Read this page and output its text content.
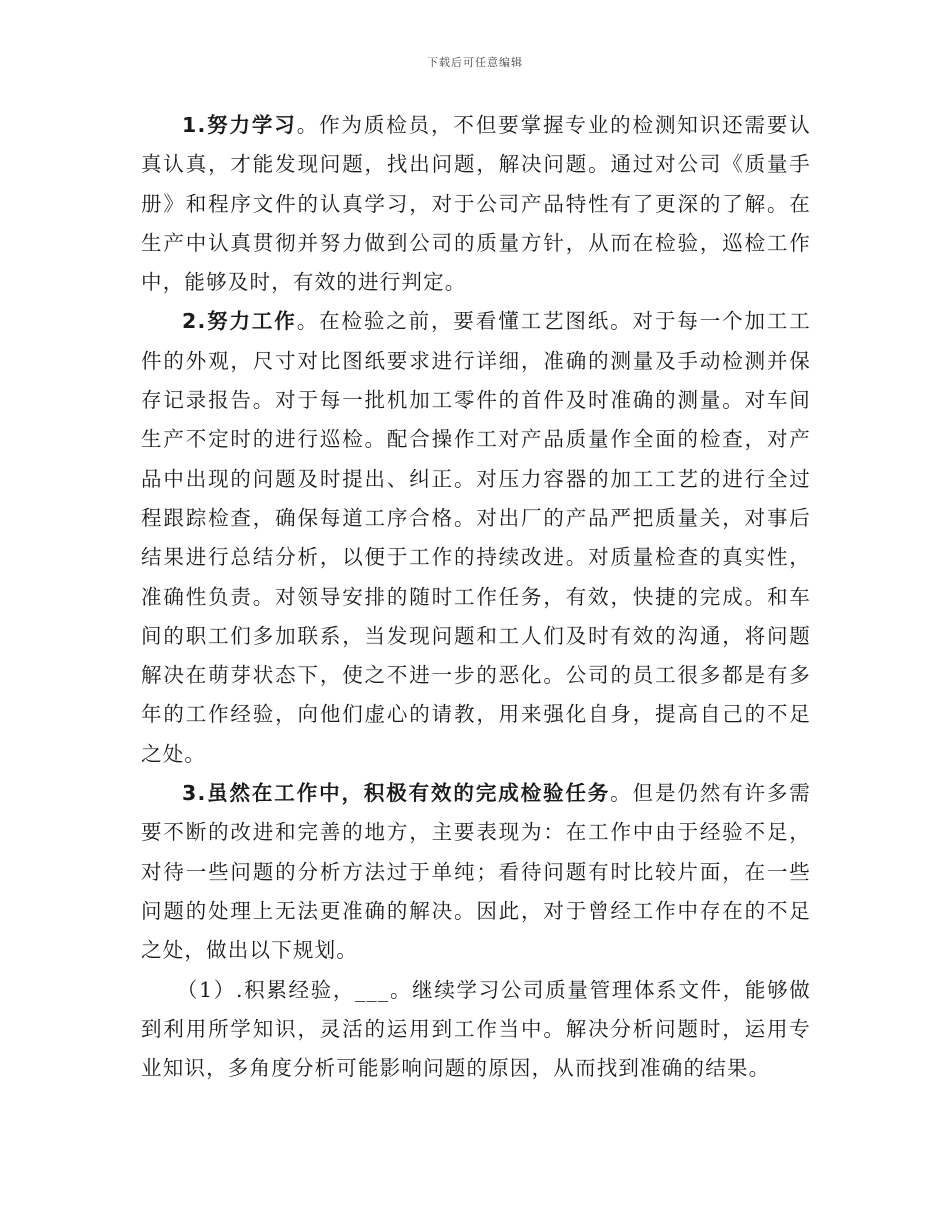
下载后可任意编辑

1.努力学习。作为质检员，不但要掌握专业的检测知识还需要认真认真，才能发现问题，找出问题，解决问题。通过对公司《质量手册》和程序文件的认真学习，对于公司产品特性有了更深的了解。在生产中认真贯彻并努力做到公司的质量方针，从而在检验，巡检工作中，能够及时，有效的进行判定。

2.努力工作。在检验之前，要看懂工艺图纸。对于每一个加工工件的外观，尺寸对比图纸要求进行详细，准确的测量及手动检测并保存记录报告。对于每一批机加工零件的首件及时准确的测量。对车间生产不定时的进行巡检。配合操作工对产品质量作全面的检查，对产品中出现的问题及时提出、纠正。对压力容器的加工工艺的进行全过程跟踪检查，确保每道工序合格。对出厂的产品严把质量关，对事后结果进行总结分析，以便于工作的持续改进。对质量检查的真实性，准确性负责。对领导安排的随时工作任务，有效，快捷的完成。和车间的职工们多加联系，当发现问题和工人们及时有效的沟通，将问题解决在萌芽状态下，使之不进一步的恶化。公司的员工很多都是有多年的工作经验，向他们虚心的请教，用来强化自身，提高自己的不足之处。

3.虽然在工作中，积极有效的完成检验任务。但是仍然有许多需要不断的改进和完善的地方，主要表现为：在工作中由于经验不足，对待一些问题的分析方法过于单纯；看待问题有时比较片面，在一些问题的处理上无法更准确的解决。因此，对于曾经工作中存在的不足之处，做出以下规划。

（1）.积累经验，___。继续学习公司质量管理体系文件，能够做到利用所学知识，灵活的运用到工作当中。解决分析问题时，运用专业知识，多角度分析可能影响问题的原因，从而找到准确的结果。
